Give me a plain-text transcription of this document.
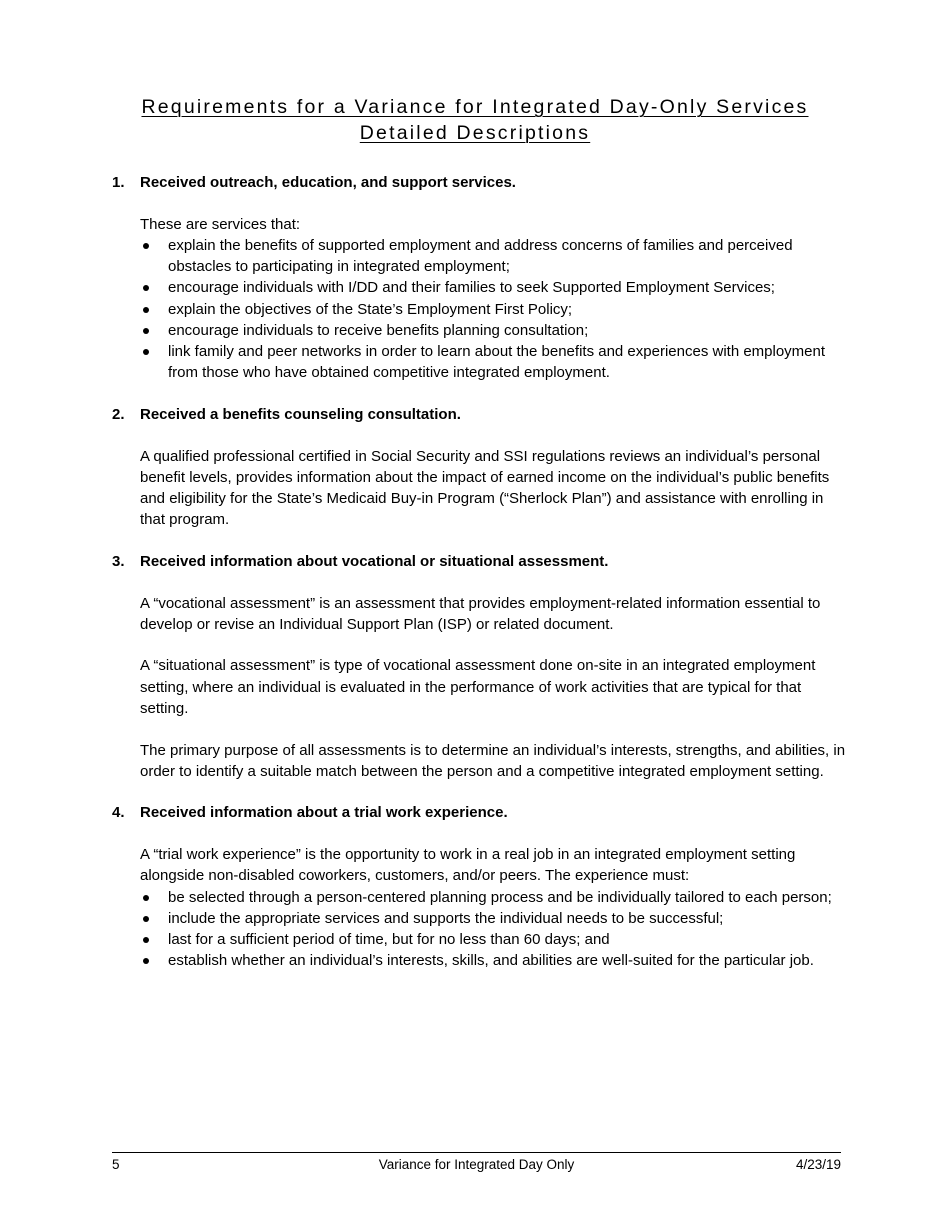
Requirements for a Variance for Integrated Day-Only Services
Detailed Descriptions
1. Received outreach, education, and support services.
These are services that:
explain the benefits of supported employment and address concerns of families and perceived obstacles to participating in integrated employment;
encourage individuals with I/DD and their families to seek Supported Employment Services;
explain the objectives of the State’s Employment First Policy;
encourage individuals to receive benefits planning consultation;
link family and peer networks in order to learn about the benefits and experiences with employment from those who have obtained competitive integrated employment.
2. Received a benefits counseling consultation.
A qualified professional certified in Social Security and SSI regulations reviews an individual’s personal benefit levels, provides information about the impact of earned income on the individual’s public benefits and eligibility for the State’s Medicaid Buy-in Program (“Sherlock Plan”) and assistance with enrolling in that program.
3. Received information about vocational or situational assessment.
A “vocational assessment” is an assessment that provides employment-related information essential to develop or revise an Individual Support Plan (ISP) or related document.
A “situational assessment” is type of vocational assessment done on-site in an integrated employment setting, where an individual is evaluated in the performance of work activities that are typical for that setting.
The primary purpose of all assessments is to determine an individual’s interests, strengths, and abilities, in order to identify a suitable match between the person and a competitive integrated employment setting.
4. Received information about a trial work experience.
A “trial work experience” is the opportunity to work in a real job in an integrated employment setting alongside non-disabled coworkers, customers, and/or peers. The experience must:
be selected through a person-centered planning process and be individually tailored to each person;
include the appropriate services and supports the individual needs to be successful;
last for a sufficient period of time, but for no less than 60 days; and
establish whether an individual’s interests, skills, and abilities are well-suited for the particular job.
5	Variance for Integrated Day Only	4/23/19
